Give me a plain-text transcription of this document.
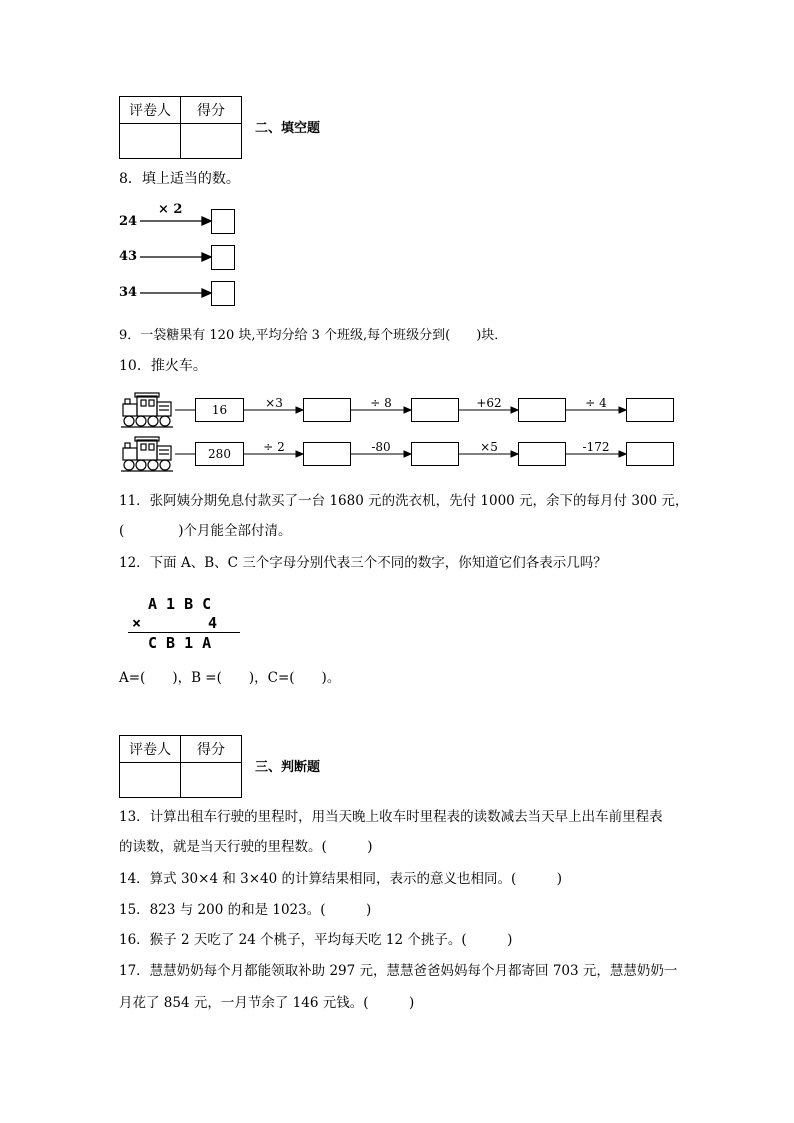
评卷人	得分

二、填空题
8．填上适当的数。
× 2
24
43
34
9．一袋糖果有 120 块,平均分给 3 个班级,每个班级分到(　　)块．
10．推火车。
16	×3	÷ 8	+62	÷ 4
280	÷ 2	-80	×5	-172
11．张阿姨分期免息付款买了一台 1680 元的洗衣机，先付 1000 元，余下的每月付 300 元，
(　　　　)个月能全部付清。
12．下面 A、B、C 三个字母分别代表三个不同的数字，你知道它们各表示几吗？
A 1 B C
×	4
C B 1 A
A=(　　)，B =(　　)，C=(　　)。
评卷人	得分

三、判断题
13．计算出租车行驶的里程时，用当天晚上收车时里程表的读数减去当天早上出车前里程表
的读数，就是当天行驶的里程数。(　　　)
14．算式 30×4 和 3×40 的计算结果相同，表示的意义也相同。(　　　)
15．823 与 200 的和是 1023。(　　　)
16．猴子 2 天吃了 24 个桃子，平均每天吃 12 个挑子。(　　　)
17．慧慧奶奶每个月都能领取补助 297 元，慧慧爸爸妈妈每个月都寄回 703 元，慧慧奶奶一
月花了 854 元，一月节余了 146 元钱。(　　　)
